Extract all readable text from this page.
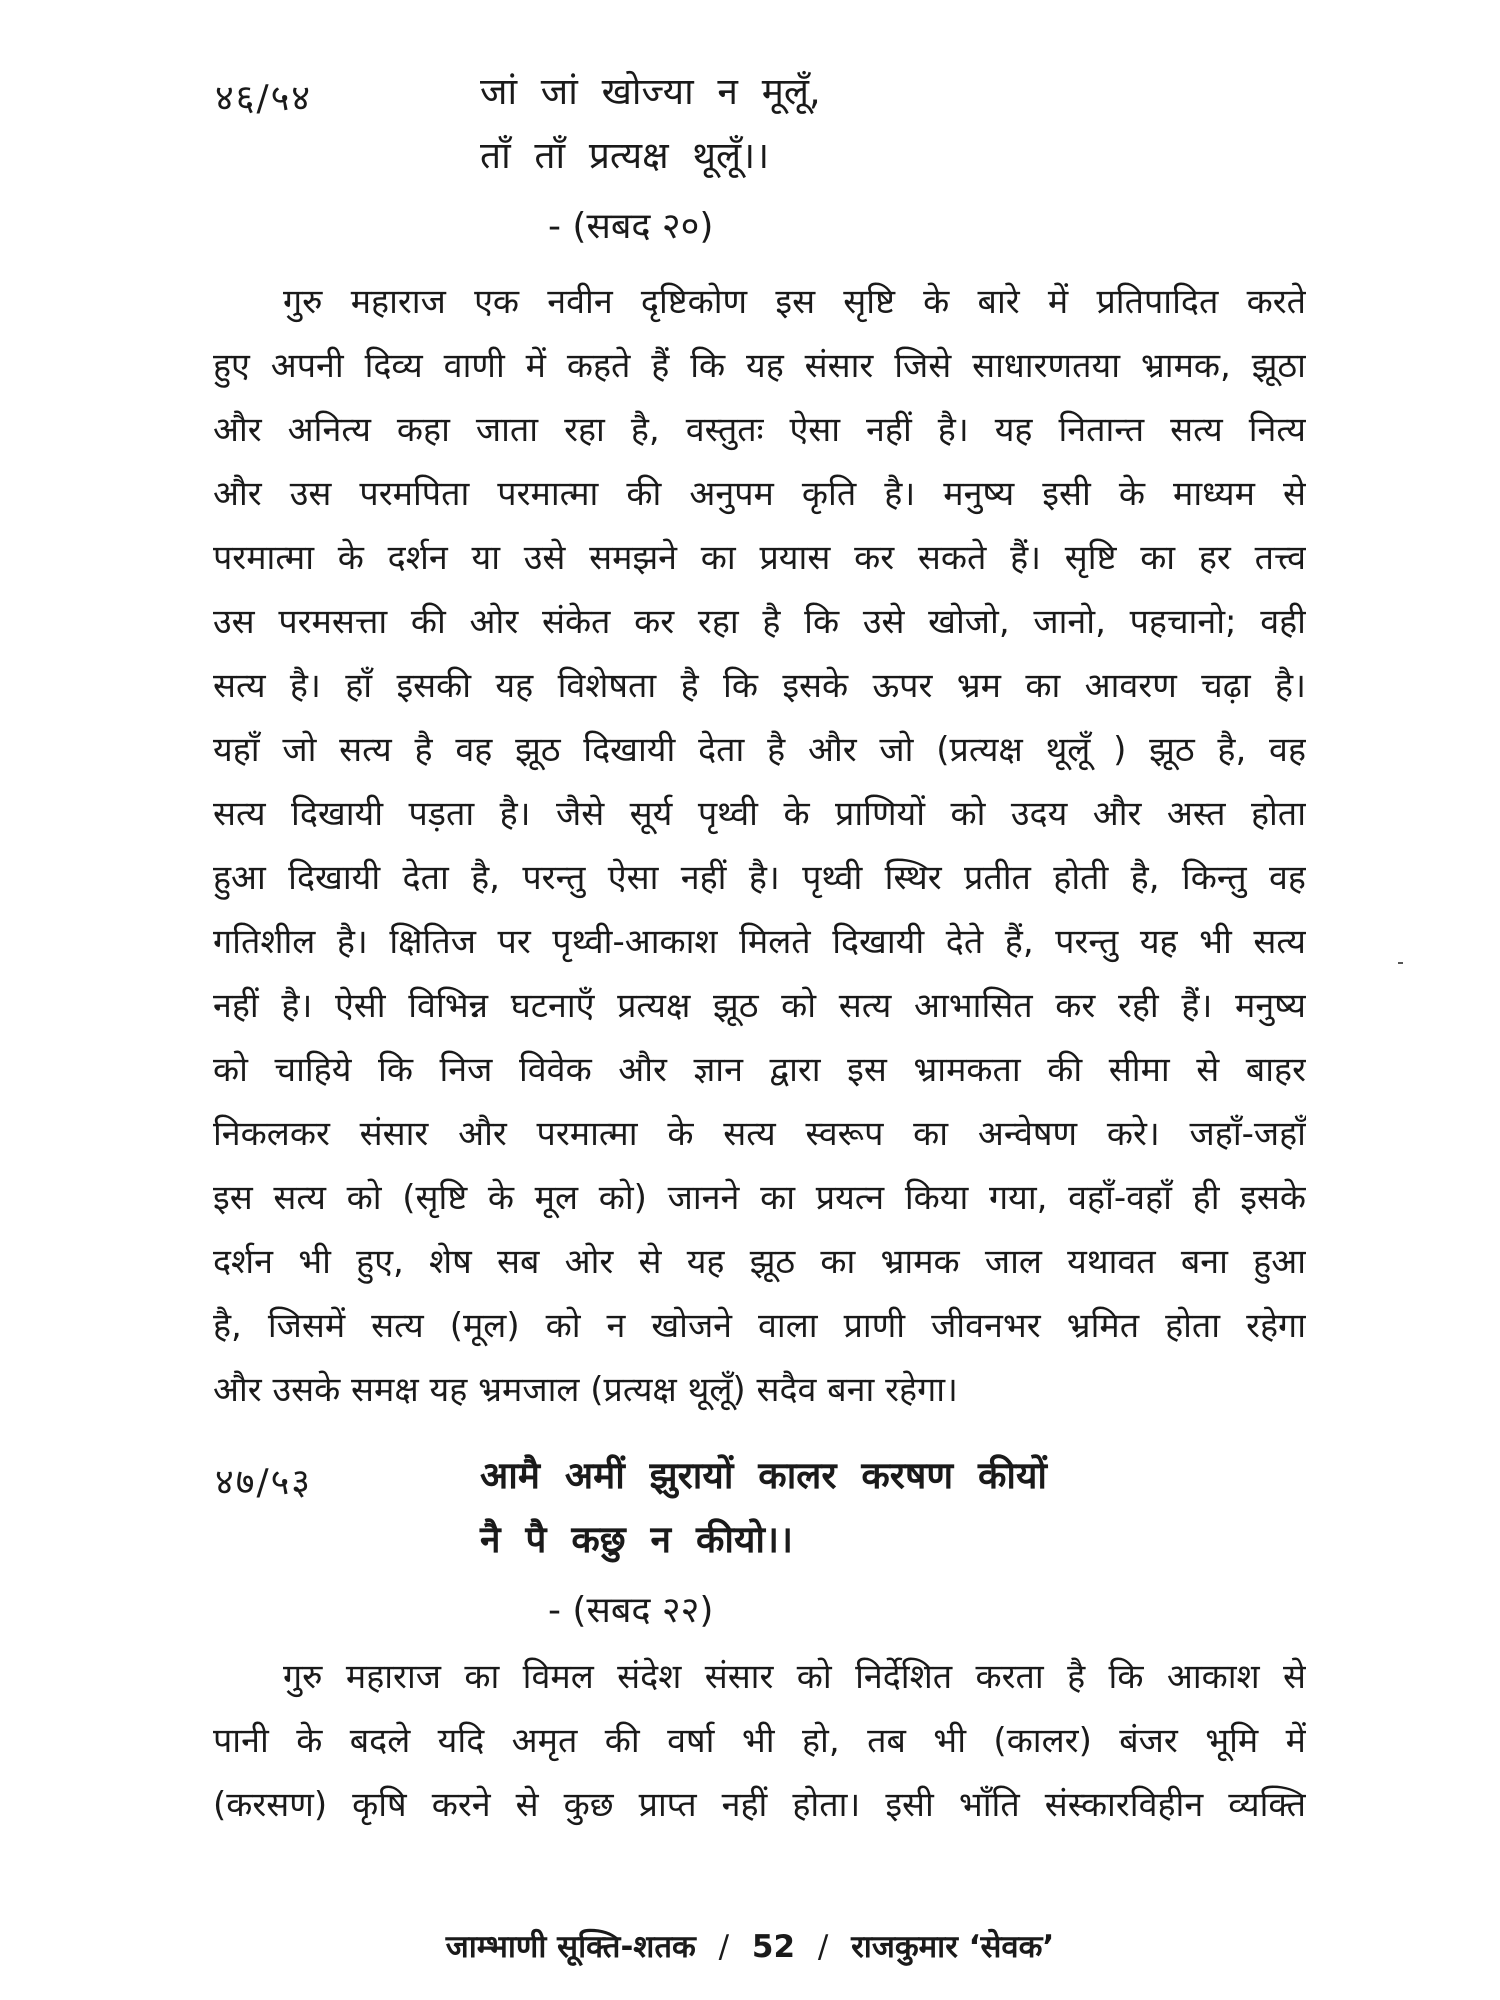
४६/५४	जां जां खोज्या न मूलूँ,
ताँ ताँ प्रत्यक्ष थूलूँ।।
- (सबद २०)
गुरु महाराज एक नवीन दृष्टिकोण इस सृष्टि के बारे में प्रतिपादित करते
हुए अपनी दिव्य वाणी में कहते हैं कि यह संसार जिसे साधारणतया भ्रामक, झूठा
और अनित्य कहा जाता रहा है, वस्तुतः ऐसा नहीं है। यह नितान्त सत्य नित्य
और उस परमपिता परमात्मा की अनुपम कृति है। मनुष्य इसी के माध्यम से
परमात्मा के दर्शन या उसे समझने का प्रयास कर सकते हैं। सृष्टि का हर तत्त्व
उस परमसत्ता की ओर संकेत कर रहा है कि उसे खोजो, जानो, पहचानो; वही
सत्य है। हाँ इसकी यह विशेषता है कि इसके ऊपर भ्रम का आवरण चढ़ा है।
यहाँ जो सत्य है वह झूठ दिखायी देता है और जो (प्रत्यक्ष थूलूँ ) झूठ है, वह
सत्य दिखायी पड़ता है। जैसे सूर्य पृथ्वी के प्राणियों को उदय और अस्त होता
हुआ दिखायी देता है, परन्तु ऐसा नहीं है। पृथ्वी स्थिर प्रतीत होती है, किन्तु वह
गतिशील है। क्षितिज पर पृथ्वी-आकाश मिलते दिखायी देते हैं, परन्तु यह भी सत्य
नहीं है। ऐसी विभिन्न घटनाएँ प्रत्यक्ष झूठ को सत्य आभासित कर रही हैं। मनुष्य
को चाहिये कि निज विवेक और ज्ञान द्वारा इस भ्रामकता की सीमा से बाहर
निकलकर संसार और परमात्मा के सत्य स्वरूप का अन्वेषण करे। जहाँ-जहाँ
इस सत्य को (सृष्टि के मूल को) जानने का प्रयत्न किया गया, वहाँ-वहाँ ही इसके
दर्शन भी हुए, शेष सब ओर से यह झूठ का भ्रामक जाल यथावत बना हुआ
है, जिसमें सत्य (मूल) को न खोजने वाला प्राणी जीवनभर भ्रमित होता रहेगा
और उसके समक्ष यह भ्रमजाल (प्रत्यक्ष थूलूँ) सदैव बना रहेगा।
४७/५३	आमै अमीं झुरायों कालर करषण कीयों
नै पै कछु न कीयो।।
- (सबद २२)
गुरु महाराज का विमल संदेश संसार को निर्देशित करता है कि आकाश से
पानी के बदले यदि अमृत की वर्षा भी हो, तब भी (कालर) बंजर भूमि में
(करसण) कृषि करने से कुछ प्राप्त नहीं होता। इसी भाँति संस्कारविहीन व्यक्ति
जाम्भाणी सूक्ति-शतक / 52 / राजकुमार ‘सेवक’
